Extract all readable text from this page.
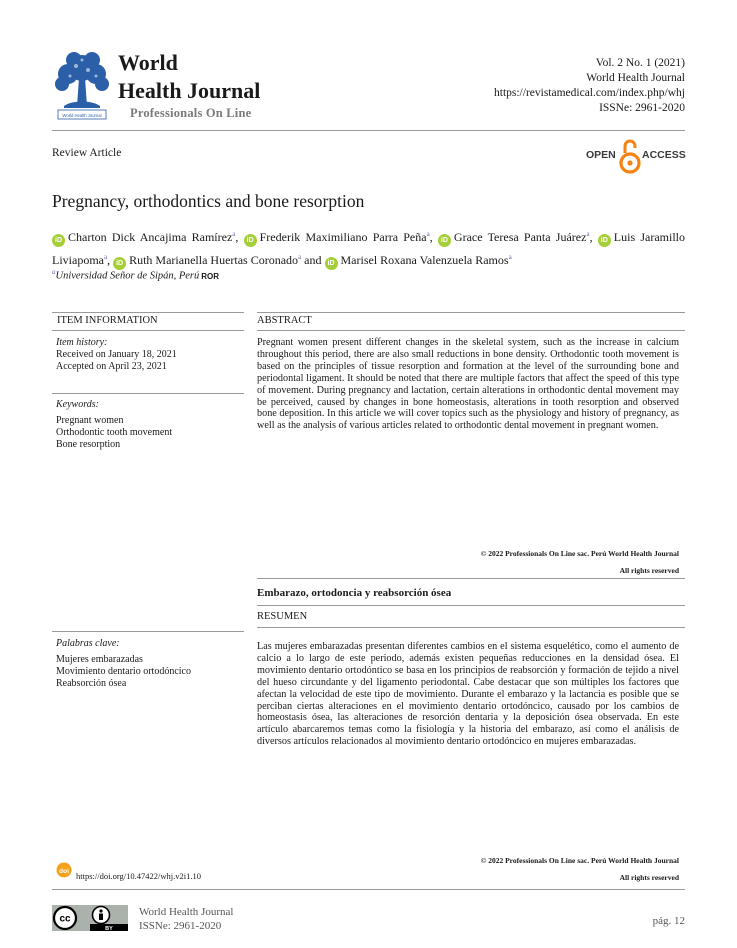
World Health Journal
World
Health Journal
Professionals On Line
Vol. 2 No. 1 (2021)
World Health Journal
https://revistamedical.com/index.php/whj
ISSNe: 2961-2020
Review Article	OPEN ACCESS
Pregnancy, orthodontics and bone resorption
iD Charton Dick Ancajima Ramírez$^a$, iD Frederik Maximiliano Parra Peña$^a$, iD Grace Teresa Panta Juárez$^a$, iD Luis Jaramillo Liviapoma$^a$, iD Ruth Marianella Huertas Coronado$^a$ and iD Marisel Roxana Valenzuela Ramos$^a$
$^a$Universidad Señor de Sipán, Perú ROR
ITEM INFORMATION	ABSTRACT
Item history:
Received on January 18, 2021
Accepted on April 23, 2021
Keywords:
Pregnant women
Orthodontic tooth movement
Bone resorption
Pregnant women present different changes in the skeletal system, such as the increase in calcium throughout this period, there are also small reductions in bone density. Orthodontic tooth movement is based on the principles of tissue resorption and formation at the level of the surrounding bone and periodontal ligament. It should be noted that there are multiple factors that affect the speed of this type of movement. During pregnancy and lactation, certain alterations in orthodontic dental movement may be perceived, caused by changes in bone homeostasis, alterations in tooth resorption and observed bone deposition. In this article we will cover topics such as the physiology and history of pregnancy, as well as the analysis of various articles related to orthodontic dental movement in pregnant women.
© 2022 Professionals On Line sac. Perú World Health Journal
All rights reserved
Embarazo, ortodoncia y reabsorción ósea
RESUMEN
Palabras clave:
Mujeres embarazadas
Movimiento dentario ortodóncico
Reabsorción ósea
Las mujeres embarazadas presentan diferentes cambios en el sistema esquelético, como el aumento de calcio a lo largo de este periodo, además existen pequeñas reducciones en la densidad ósea. El movimiento dentario ortodóntico se basa en los principios de reabsorción y formación de tejido a nivel del hueso circundante y del ligamento periodontal. Cabe destacar que son múltiples los factores que afectan la velocidad de este tipo de movimiento. Durante el embarazo y la lactancia es posible que se perciban ciertas alteraciones en el movimiento dentario ortodóncico, causado por los cambios de homeostasis ósea, las alteraciones de resorción dentaria y la deposición ósea observada. En este artículo abarcaremos temas como la fisiología y la historia del embarazo, así como el análisis de diversos artículos relacionados al movimiento dentario ortodóncico en mujeres embarazadas.
© 2022 Professionals On Line sac. Perú World Health Journal
All rights reserved
doi https://doi.org/10.47422/whj.v2i1.10
cc
BY
World Health Journal
ISSNe: 2961-2020	pág. 12
